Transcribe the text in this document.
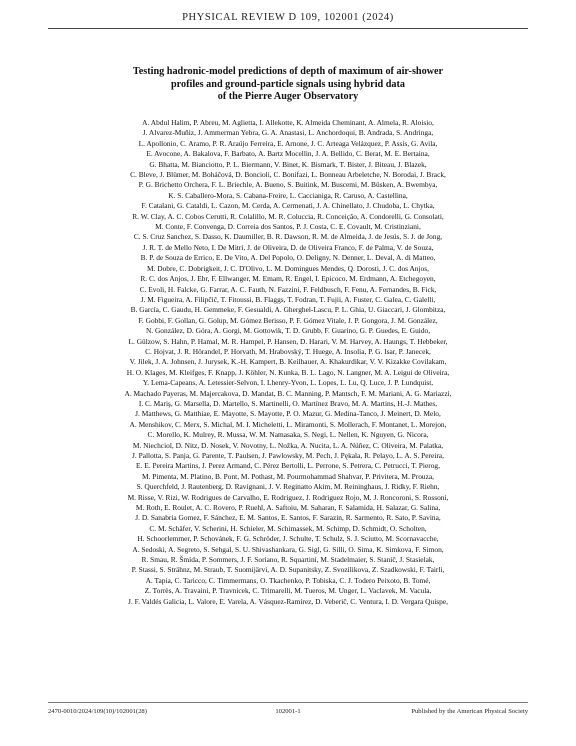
PHYSICAL REVIEW D 109, 102001 (2024)
Testing hadronic-model predictions of depth of maximum of air-shower
profiles and ground-particle signals using hybrid data
of the Pierre Auger Observatory
A. Abdul Halim, P. Abreu, M. Aglietta, I. Allekotte, K. Almeida Cheminant, A. Almela, R. Aloisio,
J. Alvarez-Muñiz, J. Ammerman Yebra, G. A. Anastasi, L. Anchordoqui, B. Andrada, S. Andringa,
L. Apollonio, C. Aramo, P. R. Araújo Ferreira, E. Arnone, J. C. Arteaga Velázquez, P. Assis, G. Avila,
E. Avocone, A. Bakalova, F. Barbato, A. Bartz Mocellin, J. A. Bellido, C. Berat, M. E. Bertaina,
G. Bhatta, M. Bianciotto, P. L. Biermann, V. Binet, K. Bismark, T. Bister, J. Biteau, J. Blazek,
C. Bleve, J. Blümer, M. Boháčová, D. Boncioli, C. Bonifazi, L. Bonneau Arbeletche, N. Borodai, J. Brack,
P. G. Brichetto Orchera, F. L. Briechle, A. Bueno, S. Buitink, M. Buscemi, M. Büsken, A. Bwembya,
K. S. Caballero-Mora, S. Cabana-Freire, L. Caccianiga, R. Caruso, A. Castellina,
F. Catalani, G. Cataldi, L. Cazon, M. Cerda, A. Cermenati, J. A. Chinellato, J. Chudoba, L. Chytka,
R. W. Clay, A. C. Cobos Cerutti, R. Colalillo, M. R. Coluccia, R. Conceição, A. Condorelli, G. Consolati,
M. Conte, F. Convenga, D. Correia dos Santos, P. J. Costa, C. E. Covault, M. Cristinziani,
C. S. Cruz Sanchez, S. Dasso, K. Daumiller, B. R. Dawson, R. M. de Almeida, J. de Jesús, S. J. de Jong,
J. R. T. de Mello Neto, I. De Mitri, J. de Oliveira, D. de Oliveira Franco, F. de Palma, V. de Souza,
B. P. de Souza de Errico, E. De Vito, A. Del Popolo, O. Deligny, N. Denner, L. Deval, A. di Matteo,
M. Dobre, C. Dobrigkeit, J. C. D'Olivo, L. M. Domingues Mendes, Q. Dorosti, J. C. dos Anjos,
R. C. dos Anjos, J. Ebr, F. Ellwanger, M. Emam, R. Engel, I. Epicoco, M. Erdmann, A. Etchegoyen,
C. Evoli, H. Falcke, G. Farrar, A. C. Fauth, N. Fazzini, F. Feldbusch, F. Fenu, A. Fernandes, B. Fick,
J. M. Figueira, A. Filipčič, T. Fitoussi, B. Flaggs, T. Fodran, T. Fujii, A. Fuster, C. Galea, C. Galelli,
B. García, C. Gaudu, H. Gemmeke, F. Gesualdi, A. Gherghel-Lascu, P. L. Ghia, U. Giaccari, J. Glombitza,
F. Gobbi, F. Gollan, G. Golup, M. Gómez Berisso, P. F. Gómez Vitale, J. P. Gongora, J. M. González,
N. González, D. Góra, A. Gorgi, M. Gottowik, T. D. Grubb, F. Guarino, G. P. Guedes, E. Guido,
L. Gülzow, S. Hahn, P. Hamal, M. R. Hampel, P. Hansen, D. Harari, V. M. Harvey, A. Haungs, T. Hebbeker,
C. Hojvat, J. R. Hörandel, P. Horvath, M. Hrabovský, T. Huege, A. Insolia, P. G. Isar, P. Janecek,
V. Jilek, J. A. Johnsen, J. Jurysek, K.-H. Kampert, B. Keilhauer, A. Khakurdikar, V. V. Kizakke Covilakam,
H. O. Klages, M. Kleifges, F. Knapp, J. Köhler, N. Kunka, B. L. Lago, N. Langner, M. A. Leigui de Oliveira,
Y. Lema-Capeans, A. Letessier-Selvon, I. Lhenry-Yvon, L. Lopes, L. Lu, Q. Luce, J. P. Lundquist,
A. Machado Payeras, M. Majercakova, D. Mandat, B. C. Manning, P. Mantsch, F. M. Mariani, A. G. Mariazzi,
I. C. Mariş, G. Marsella, D. Martello, S. Martinelli, O. Martínez Bravo, M. A. Martins, H.-J. Mathes,
J. Matthews, G. Matthiae, E. Mayotte, S. Mayotte, P. O. Mazur, G. Medina-Tanco, J. Meinert, D. Melo,
A. Menshikov, C. Merx, S. Michal, M. I. Micheletti, L. Miramonti, S. Mollerach, F. Montanet, L. Morejon,
C. Morello, K. Mulrey, R. Mussa, W. M. Namasaka, S. Negi, L. Nellen, K. Nguyen, G. Nicora,
M. Niechciol, D. Nitz, D. Nosek, V. Novotny, L. Nožka, A. Nucita, L. A. Núñez, C. Oliveira, M. Palatka,
J. Pallotta, S. Panja, G. Parente, T. Paulsen, J. Pawlowsky, M. Pech, J. Pękala, R. Pelayo, L. A. S. Pereira,
E. E. Pereira Martins, J. Perez Armand, C. Pérez Bertolli, L. Perrone, S. Petrera, C. Petrucci, T. Pierog,
M. Pimenta, M. Platino, B. Pont, M. Pothast, M. Pourmohammad Shahvar, P. Privitera, M. Prouza,
S. Querchfeld, J. Rautenberg, D. Ravignani, J. V. Reginatto Akim, M. Reininghaus, J. Ridky, F. Riehn,
M. Risse, V. Rizi, W. Rodrigues de Carvalho, E. Rodriguez, J. Rodriguez Rojo, M. J. Roncoroni, S. Rossoni,
M. Roth, E. Roulet, A. C. Rovero, P. Ruehl, A. Saftoiu, M. Saharan, F. Salamida, H. Salazar, G. Salina,
J. D. Sanabria Gomez, F. Sánchez, E. M. Santos, E. Santos, F. Sarazin, R. Sarmento, R. Sato, P. Savina,
C. M. Schäfer, V. Scherini, H. Schieler, M. Schimassek, M. Schimp, D. Schmidt, O. Scholten,
H. Schoorlemmer, P. Schovánek, F. G. Schröder, J. Schulte, T. Schulz, S. J. Sciutto, M. Scornavacche,
A. Sedoski, A. Segreto, S. Sehgal, S. U. Shivashankara, G. Sigl, G. Silli, O. Sima, K. Simkova, F. Simon,
R. Smau, R. Šmída, P. Sommers, J. F. Soriano, R. Squartini, M. Stadelmaier, S. Stanič, J. Stasielak,
P. Stassi, S. Strähnz, M. Straub, T. Suomijärvi, A. D. Supanitsky, Z. Svozilikova, Z. Szadkowski, F. Tairli,
A. Tapia, C. Taricco, C. Timmermans, O. Tkachenko, P. Tobiska, C. J. Todero Peixoto, B. Tomé,
Z. Torrès, A. Travaini, P. Travnicek, C. Trimarelli, M. Tueros, M. Unger, L. Vaclavek, M. Vacula,
J. F. Valdés Galicia, L. Valore, E. Varela, A. Vásquez-Ramírez, D. Veberič, C. Ventura, I. D. Vergara Quispe,
2470-0010/2024/109(10)/102001(28)	102001-1	Published by the American Physical Society
